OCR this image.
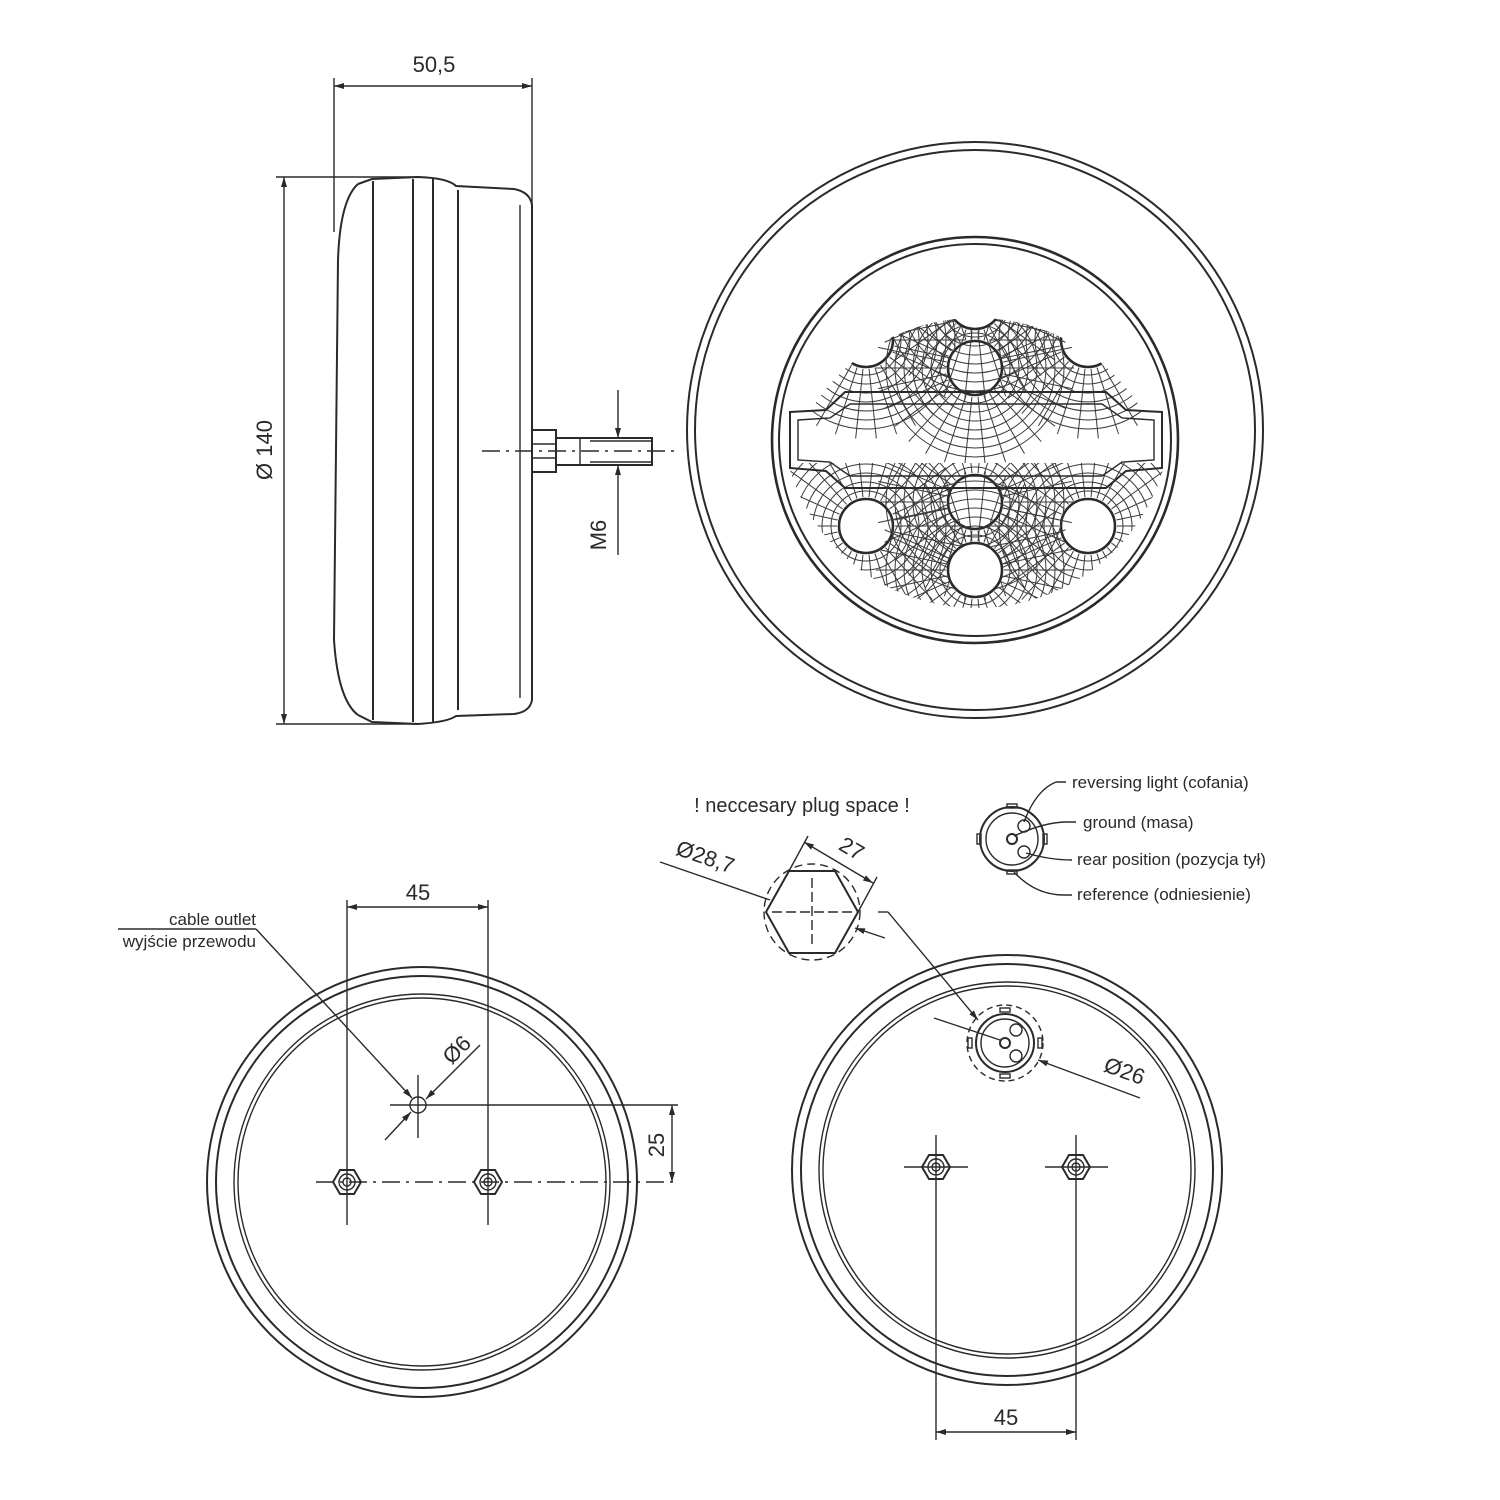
M6
50,5
Ø 140
Ø6
cable outlet
wyjście przewodu
45
25
! neccesary plug space !
Ø28,7	27
reversing light (cofania)
ground (masa)
rear position (pozycja tył)
reference (odniesienie)
Ø26
45
